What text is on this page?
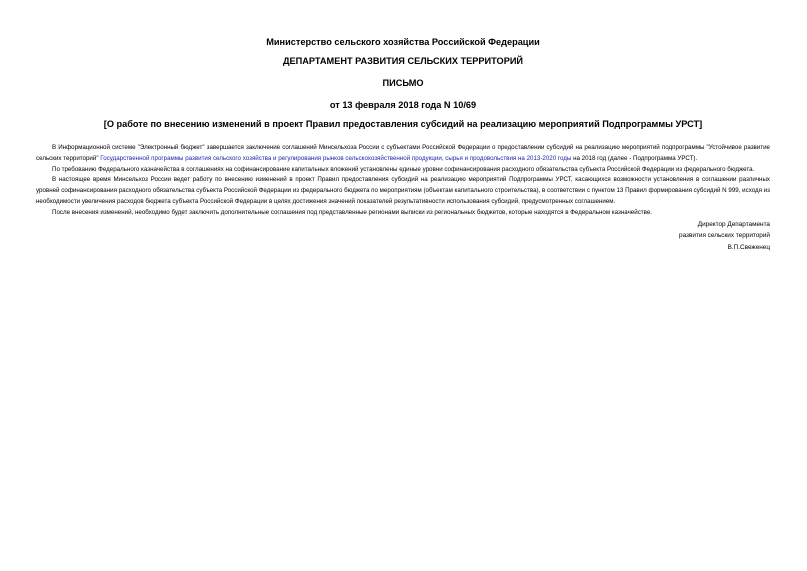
Министерство сельского хозяйства Российской Федерации

ДЕПАРТАМЕНТ РАЗВИТИЯ СЕЛЬСКИХ ТЕРРИТОРИЙ

ПИСЬМО

от 13 февраля 2018 года N 10/69

[О работе по внесению изменений в проект Правил предоставления субсидий на реализацию мероприятий Подпрограммы УРСТ]

В Информационной системе "Электронный бюджет" завершается заключение соглашений Минсельхоза России с субъектами Российской Федерации о предоставлении субсидий на реализацию мероприятий подпрограммы "Устойчивое развитие сельских территорий" Государственной программы развития сельского хозяйства и регулирования рынков сельскохозяйственной продукции, сырья и продовольствия на 2013-2020 годы на 2018 год (далее - Подпрограмма УРСТ).

По требованию Федерального казначейства в соглашениях на софинансирование капитальных вложений установлены единые уровни софинансирования расходного обязательства субъекта Российской Федерации из федерального бюджета.

В настоящее время Минсельхоз России ведет работу по внесению изменений в проект Правил предоставления субсидий на реализацию мероприятий Подпрограммы УРСТ, касающихся возможности установления в соглашении различных уровней софинансирования расходного обязательства субъекта Российской Федерации из федерального бюджета по мероприятиям (объектам капитального строительства), в соответствии с пунктом 13 Правил формирования субсидий N 999, исходя из необходимости увеличения расходов бюджета субъекта Российской Федерации в целях достижения значений показателей результативности использования субсидий, предусмотренных соглашением.

После внесения изменений, необходимо будет заключить дополнительные соглашения под представленные регионами выписки из региональных бюджетов, которые находятся в Федеральном казначействе.

Директор Департамента

развития сельских территорий

В.П.Свеженец
